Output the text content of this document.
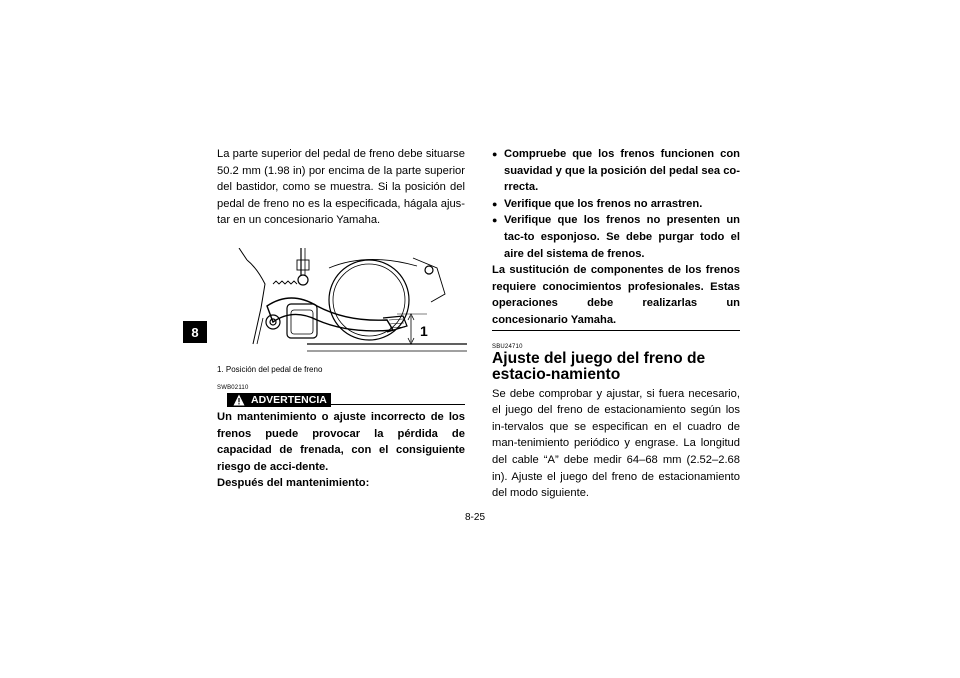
8
La parte superior del pedal de freno debe situarse 50.2 mm (1.98 in) por encima de la parte superior del bastidor, como se muestra. Si la posición del pedal de freno no es la especificada, hágala ajus-tar en un concesionario Yamaha.
1
1. Posición del pedal de freno
SWB02110
ADVERTENCIA
Un mantenimiento o ajuste incorrecto de los frenos puede provocar la pérdida de capacidad de frenada, con el consiguiente riesgo de acci-dente.
Después del mantenimiento:
● Compruebe que los frenos funcionen con suavidad y que la posición del pedal sea co-rrecta.
● Verifique que los frenos no arrastren.
● Verifique que los frenos no presenten un tac-to esponjoso. Se debe purgar todo el aire del sistema de frenos.
La sustitución de componentes de los frenos requiere conocimientos profesionales. Estas operaciones debe realizarlas un concesionario Yamaha.
SBU24710
Ajuste del juego del freno de estacio-namiento
Se debe comprobar y ajustar, si fuera necesario, el juego del freno de estacionamiento según los in-tervalos que se especifican en el cuadro de man-tenimiento periódico y engrase. La longitud del cable “A” debe medir 64–68 mm (2.52–2.68 in). Ajuste el juego del freno de estacionamiento del modo siguiente.
8-25
